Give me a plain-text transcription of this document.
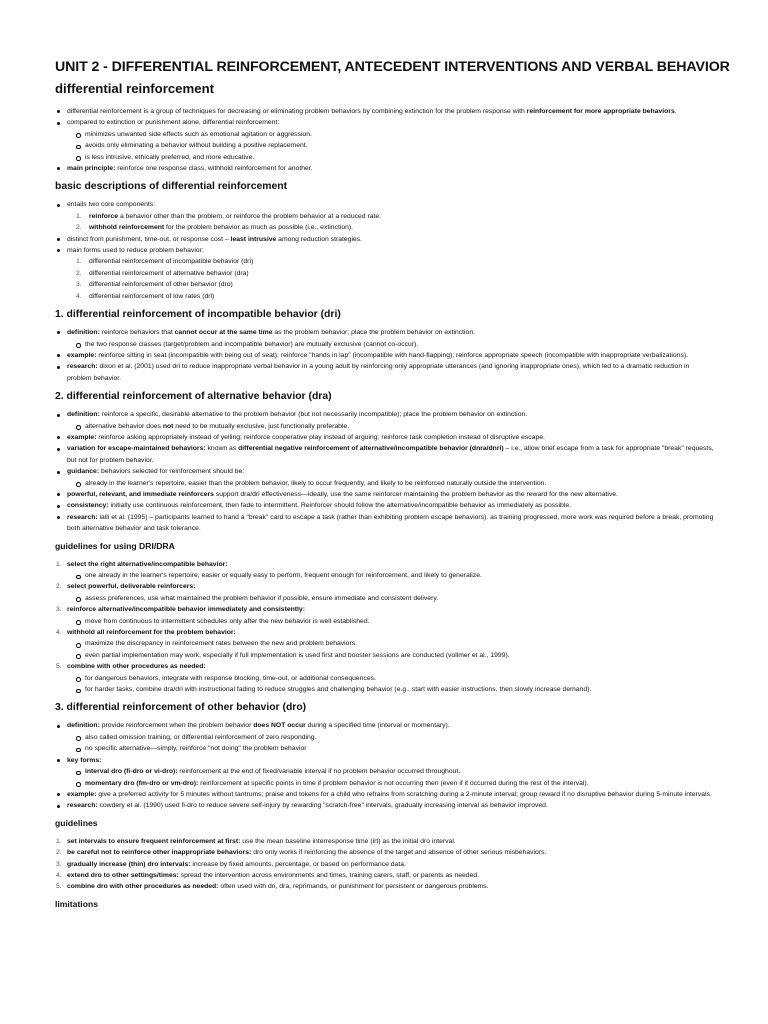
UNIT 2 - DIFFERENTIAL REINFORCEMENT, ANTECEDENT INTERVENTIONS AND VERBAL BEHAVIOR
differential reinforcement
differential reinforcement is a group of techniques for decreasing or eliminating problem behaviors by combining extinction for the problem response with reinforcement for more appropriate behaviors.
compared to extinction or punishment alone, differential reinforcement:
minimizes unwanted side effects such as emotional agitation or aggression.
avoids only eliminating a behavior without building a positive replacement.
is less intrusive, ethically preferred, and more educative.
main principle: reinforce one response class, withhold reinforcement for another.
basic descriptions of differential reinforcement
entails two core components:
1. reinforce a behavior other than the problem, or reinforce the problem behavior at a reduced rate.
2. withhold reinforcement for the problem behavior as much as possible (i.e., extinction).
distinct from punishment, time-out, or response cost – least intrusive among reduction strategies.
main forms used to reduce problem behavior:
1. differential reinforcement of incompatible behavior (dri)
2. differential reinforcement of alternative behavior (dra)
3. differential reinforcement of other behavior (dro)
4. differential reinforcement of low rates (drl)
1. differential reinforcement of incompatible behavior (dri)
definition: reinforce behaviors that cannot occur at the same time as the problem behavior; place the problem behavior on extinction.
the two response classes (target/problem and incompatible behavior) are mutually exclusive (cannot co-occur).
example: reinforce sitting in seat (incompatible with being out of seat); reinforce "hands in lap" (incompatible with hand-flapping); reinforce appropriate speech (incompatible with inappropriate verbalizations).
research: dixon et al. (2001) used dri to reduce inappropriate verbal behavior in a young adult by reinforcing only appropriate utterances (and ignoring inappropriate ones), which led to a dramatic reduction in problem behavior.
2. differential reinforcement of alternative behavior (dra)
definition: reinforce a specific, desirable alternative to the problem behavior (but not necessarily incompatible); place the problem behavior on extinction.
alternative behavior does not need to be mutually exclusive, just functionally preferable.
example: reinforce asking appropriately instead of yelling; reinforce cooperative play instead of arguing; reinforce task completion instead of disruptive escape.
variation for escape-maintained behaviors: known as differential negative reinforcement of alternative/incompatible behavior (dnra/dnri) – i.e., allow brief escape from a task for appropriate "break" requests, but not for problem behavior.
guidance: behaviors selected for reinforcement should be:
already in the learner's repertoire, easier than the problem behavior, likely to occur frequently, and likely to be reinforced naturally outside the intervention.
powerful, relevant, and immediate reinforcers support dra/dri effectiveness—ideally, use the same reinforcer maintaining the problem behavior as the reward for the new alternative.
consistency: initially use continuous reinforcement, then fade to intermittent. Reinforcer should follow the alternative/incompatible behavior as immediately as possible.
research: lalli et al. (1995) – participants learned to hand a "break" card to escape a task (rather than exhibiting problem escape behaviors). as training progressed, more work was required before a break, promoting both alternative behavior and task tolerance.
guidelines for using DRI/DRA
1. select the right alternative/incompatible behavior:
one already in the learner's repertoire, easier or equally easy to perform, frequent enough for reinforcement, and likely to generalize.
2. select powerful, deliverable reinforcers:
assess preferences, use what maintained the problem behavior if possible, ensure immediate and consistent delivery.
3. reinforce alternative/incompatible behavior immediately and consistently:
move from continuous to intermittent schedules only after the new behavior is well established.
4. withhold all reinforcement for the problem behavior:
maximize the discrepancy in reinforcement rates between the new and problem behaviors.
even partial implementation may work, especially if full implementation is used first and booster sessions are conducted (vollmer et al., 1999).
5. combine with other procedures as needed:
for dangerous behaviors, integrate with response blocking, time-out, or additional consequences.
for harder tasks, combine dra/dri with instructional fading to reduce struggles and challenging behavior (e.g., start with easier instructions, then slowly increase demand).
3. differential reinforcement of other behavior (dro)
definition: provide reinforcement when the problem behavior does NOT occur during a specified time (interval or momentary).
also called omission training, or differential reinforcement of zero responding.
no specific alternative—simply, reinforce "not doing" the problem behavior
key forms:
interval dro (fi-dro or vi-dro): reinforcement at the end of fixed/variable interval if no problem behavior occurred throughout.
momentary dro (fm-dro or vm-dro): reinforcement at specific points in time if problem behavior is not occurring then (even if it occurred during the rest of the interval).
example: give a preferred activity for 5 minutes without tantrums; praise and tokens for a child who refrains from scratching during a 2-minute interval; group reward if no disruptive behavior during 5-minute intervals.
research: cowdery et al. (1990) used fi-dro to reduce severe self-injury by rewarding "scratch-free" intervals, gradually increasing interval as behavior improved.
guidelines
1. set intervals to ensure frequent reinforcement at first: use the mean baseline interresponse time (irt) as the initial dro interval.
2. be careful not to reinforce other inappropriate behaviors: dro only works if reinforcing the absence of the target and absence of other serious misbehaviors.
3. gradually increase (thin) dro intervals: increase by fixed amounts, percentage, or based on performance data.
4. extend dro to other settings/times: spread the intervention across environments and times, training carers, staff, or parents as needed.
5. combine dro with other procedures as needed: often used with dri, dra, reprimands, or punishment for persistent or dangerous problems.
limitations
